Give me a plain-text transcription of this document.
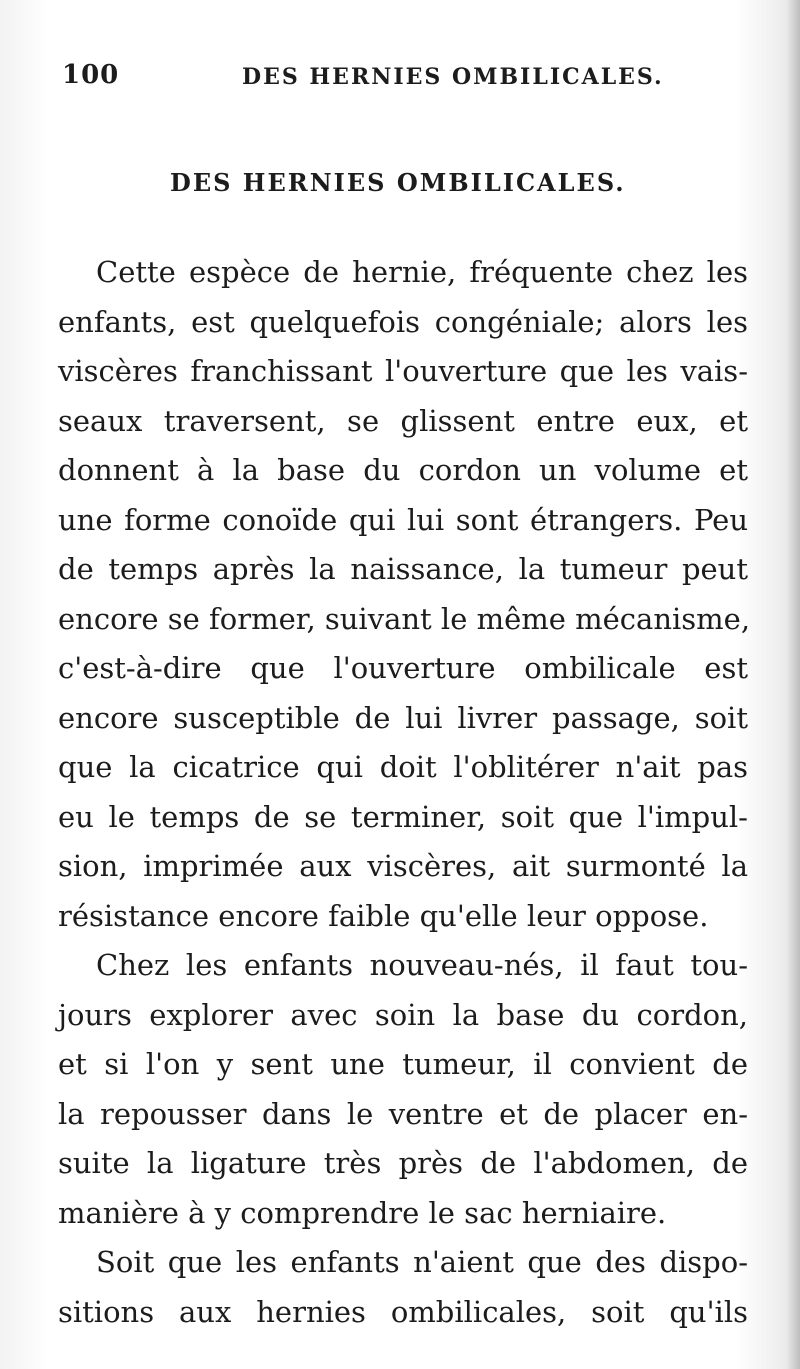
100	DES HERNIES OMBILICALES.
DES HERNIES OMBILICALES.
Cette espèce de hernie, fréquente chez les
enfants, est quelquefois congéniale; alors les
viscères franchissant l'ouverture que les vais-
seaux traversent, se glissent entre eux, et
donnent à la base du cordon un volume et
une forme conoïde qui lui sont étrangers. Peu
de temps après la naissance, la tumeur peut
encore se former, suivant le même mécanisme,
c'est-à-dire que l'ouverture ombilicale est
encore susceptible de lui livrer passage, soit
que la cicatrice qui doit l'oblitérer n'ait pas
eu le temps de se terminer, soit que l'impul-
sion, imprimée aux viscères, ait surmonté la
résistance encore faible qu'elle leur oppose.
Chez les enfants nouveau-nés, il faut tou-
jours explorer avec soin la base du cordon,
et si l'on y sent une tumeur, il convient de
la repousser dans le ventre et de placer en-
suite la ligature très près de l'abdomen, de
manière à y comprendre le sac herniaire.
Soit que les enfants n'aient que des dispo-
sitions aux hernies ombilicales, soit qu'ils
